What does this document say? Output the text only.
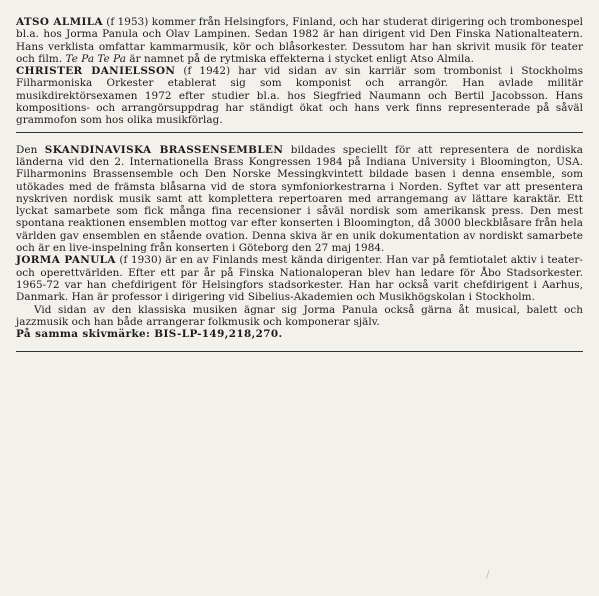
ATSO ALMILA (f 1953) kommer från Helsingfors, Finland, och har studerat dirigering och trombonespel bl.a. hos Jorma Panula och Olav Lampinen. Sedan 1982 är han dirigent vid Den Finska Nationalteatern. Hans verklista omfattar kammarmusik, kör och blåsorkester. Dessutom har han skrivit musik för teater och film. Te Pa Te Pa är namnet på de rytmiska effekterna i stycket enligt Atso Almila.

CHRISTER DANIELSSON (f 1942) har vid sidan av sin karriär som trombonist i Stockholms Filharmoniska Orkester etablerat sig som komponist och arrangör. Han avlade militär musikdirektörsexamen 1972 efter studier bl.a. hos Siegfried Naumann och Bertil Jacobsson. Hans kompositions- och arrangörsuppdrag har ständigt ökat och hans verk finns representerade på såväl grammofon som hos olika musikförlag.

Den SKANDINAVISKA BRASSENSEMBLEN bildades speciellt för att representera de nordiska länderna vid den 2. Internationella Brass Kongressen 1984 på Indiana University i Bloomington, USA. Filharmonins Brassensemble och Den Norske Messingkvintett bildade basen i denna ensemble, som utökades med de främsta blåsarna vid de stora symfoniorkestrarna i Norden. Syftet var att presentera nyskriven nordisk musik samt att komplettera repertoaren med arrangemang av lättare karaktär. Ett lyckat samarbete som fick många fina recensioner i såväl nordisk som amerikansk press. Den mest spontana reaktionen ensemblen mottog var efter konserten i Bloomington, då 3000 bleckblåsare från hela världen gav ensemblen en stående ovation. Denna skiva är en unik dokumentation av nordiskt samarbete och är en live-inspelning från konserten i Göteborg den 27 maj 1984.

JORMA PANULA (f 1930) är en av Finlands mest kända dirigenter. Han var på femtiotalet aktiv i teater- och operettvärlden. Efter ett par år på Finska Nationaloperan blev han ledare för Åbo Stadsorkester. 1965-72 var han chefdirigent för Helsingfors stadsorkester. Han har också varit chefdirigent i Aarhus, Danmark. Han är professor i dirigering vid Sibelius-Akademien och Musikhögskolan i Stockholm.

Vid sidan av den klassiska musiken ägnar sig Jorma Panula också gärna åt musical, balett och jazzmusik och han både arrangerar folkmusik och komponerar själv.

På samma skivmärke: BIS-LP-149,218,270.

∕
